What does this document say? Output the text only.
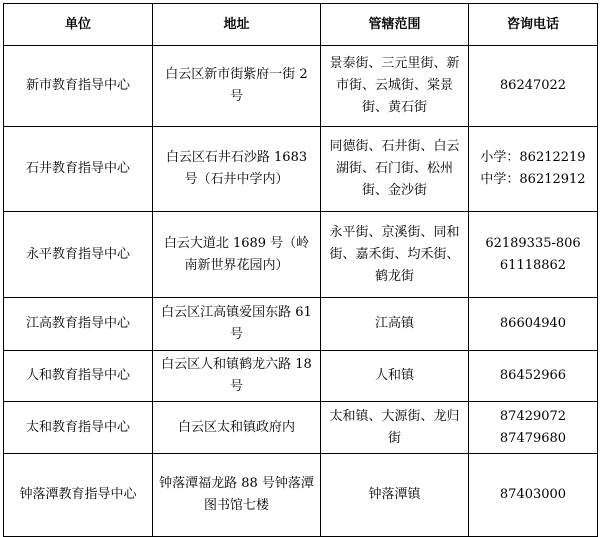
单位	地址	管辖范围	咨询电话
新市教育指导中心	白云区新市街紫府一街 2 号	景泰街、三元里街、新市街、云城街、棠景街、黄石街	86247022

石井教育指导中心	白云区石井石沙路 1683 号（石井中学内）	同德街、石井街、白云湖街、石门街、松州街、金沙街	小学：86212219
中学：86212912

永平教育指导中心	白云大道北 1689 号（岭南新世界花园内）	永平街、京溪街、同和街、嘉禾街、均禾街、鹤龙街	62189335-806
61118862

江高教育指导中心	白云区江高镇爱国东路 61 号	江高镇	86604940

人和教育指导中心	白云区人和镇鹤龙六路 18 号	人和镇	86452966

太和教育指导中心	白云区太和镇政府内	太和镇、大源街、龙归街	87429072
87479680

钟落潭教育指导中心	钟落潭福龙路 88 号钟落潭图书馆七楼	钟落潭镇	87403000
